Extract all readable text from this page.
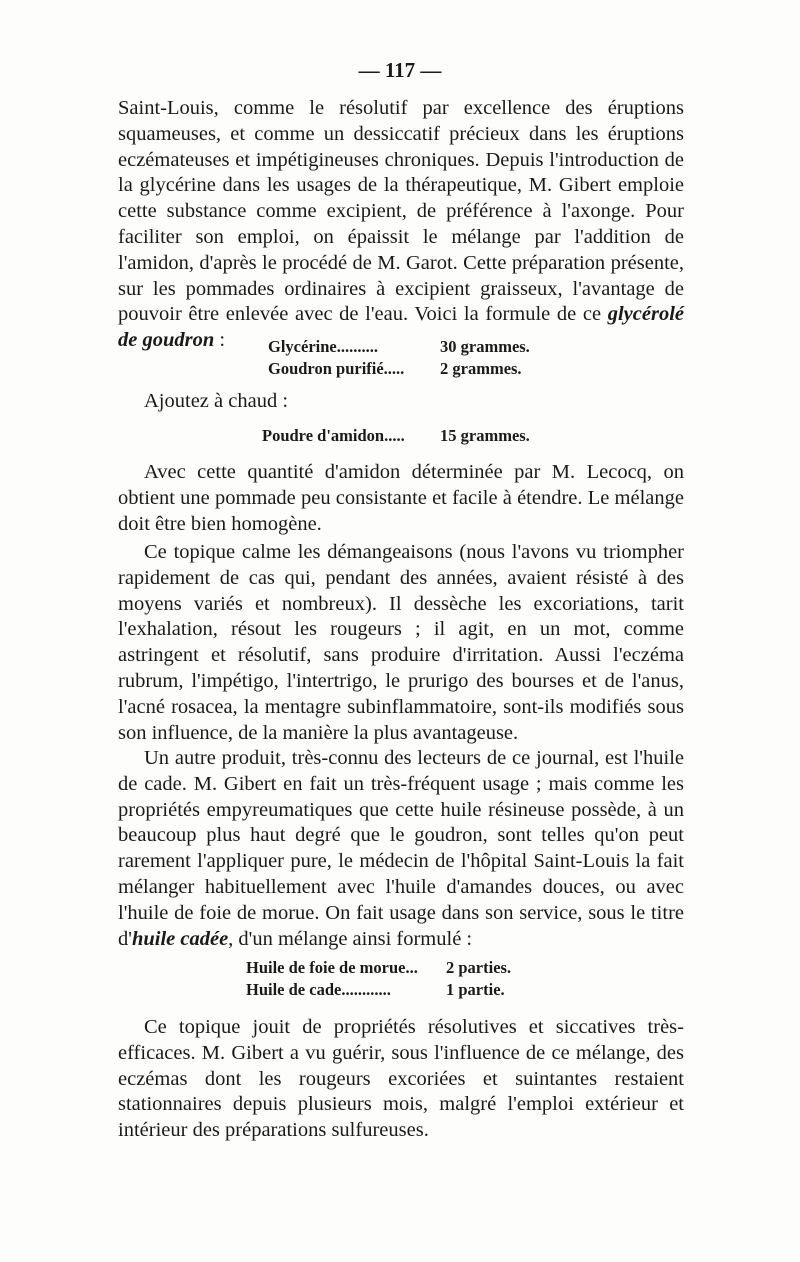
— 117 —

Saint-Louis, comme le résolutif par excellence des éruptions squameuses, et comme un dessiccatif précieux dans les éruptions eczémateuses et impétigineuses chroniques. Depuis l'introduction de la glycérine dans les usages de la thérapeutique, M. Gibert emploie cette substance comme excipient, de préférence à l'axonge. Pour faciliter son emploi, on épaissit le mélange par l'addition de l'amidon, d'après le procédé de M. Garot. Cette préparation présente, sur les pommades ordinaires à excipient graisseux, l'avantage de pouvoir être enlevée avec de l'eau. Voici la formule de ce glycérolé de goudron :	Glycérine..........	30 grammes.
Goudron purifié.....	2 grammes.

Ajoutez à chaud :

Poudre d'amidon.....	15 grammes.

Avec cette quantité d'amidon déterminée par M. Lecocq, on obtient une pommade peu consistante et facile à étendre. Le mélange doit être bien homogène.

Ce topique calme les démangeaisons (nous l'avons vu triompher rapidement de cas qui, pendant des années, avaient résisté à des moyens variés et nombreux). Il dessèche les excoriations, tarit l'exhalation, résout les rougeurs ; il agit, en un mot, comme astringent et résolutif, sans produire d'irritation. Aussi l'eczéma rubrum, l'impétigo, l'intertrigo, le prurigo des bourses et de l'anus, l'acné rosacea, la mentagre subinflammatoire, sont-ils modifiés sous son influence, de la manière la plus avantageuse.

Un autre produit, très-connu des lecteurs de ce journal, est l'huile de cade. M. Gibert en fait un très-fréquent usage ; mais comme les propriétés empyreumatiques que cette huile résineuse possède, à un beaucoup plus haut degré que le goudron, sont telles qu'on peut rarement l'appliquer pure, le médecin de l'hôpital Saint-Louis la fait mélanger habituellement avec l'huile d'amandes douces, ou avec l'huile de foie de morue. On fait usage dans son service, sous le titre d'huile cadée, d'un mélange ainsi formulé :

Huile de foie de morue...	2 parties.
Huile de cade............	1 partie.

Ce topique jouit de propriétés résolutives et siccatives très-efficaces. M. Gibert a vu guérir, sous l'influence de ce mélange, des eczémas dont les rougeurs excoriées et suintantes restaient stationnaires depuis plusieurs mois, malgré l'emploi extérieur et intérieur des préparations sulfureuses.
